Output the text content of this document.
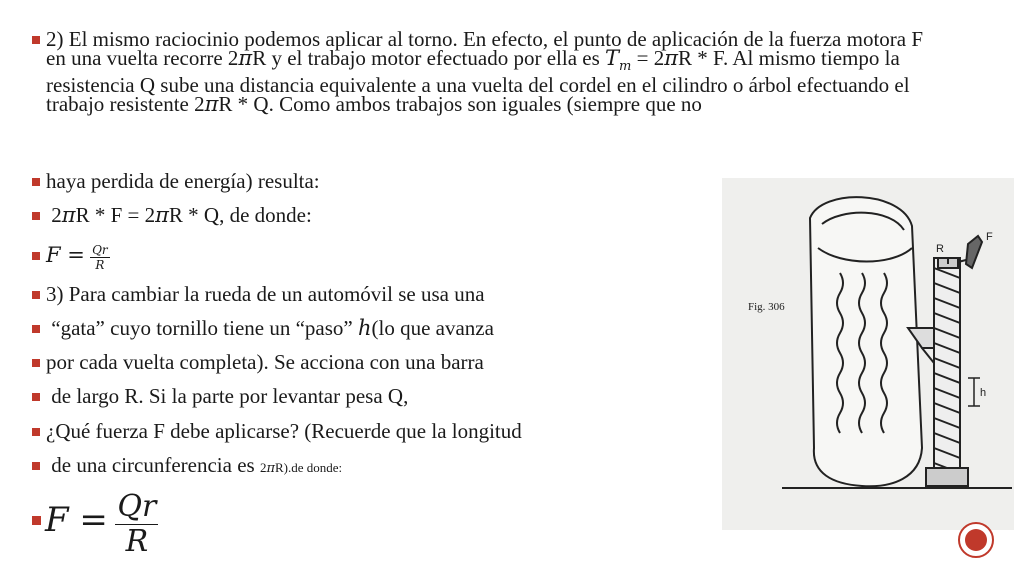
2) El mismo raciocinio podemos aplicar al torno. En efecto, el punto de aplicación de la fuerza motora F en una vuelta recorre 2πR y el trabajo motor efectuado por ella es $T_m = 2\pi R * F$. Al mismo tiempo la resistencia Q sube una distancia equivalente a una vuelta del cordel en el cilindro o árbol efectuando el trabajo resistente 2πR * Q. Como ambos trabajos son iguales (siempre que no
haya perdida de energía) resulta:
2πR * F = 2πR * Q, de donde:
$F = \frac{Qr}{R}$
3) Para cambiar la rueda de un automóvil se usa una
“gata” cuyo tornillo tiene un “paso” h(lo que avanza
por cada vuelta completa). Se acciona con una barra
de largo R. Si la parte por levantar pesa Q,
¿Qué fuerza F debe aplicarse? (Recuerde que la longitud
de una circunferencia es 2πR).de donde:
$F = \frac{Qr}{R}$
Fig. 306
R
F
h
